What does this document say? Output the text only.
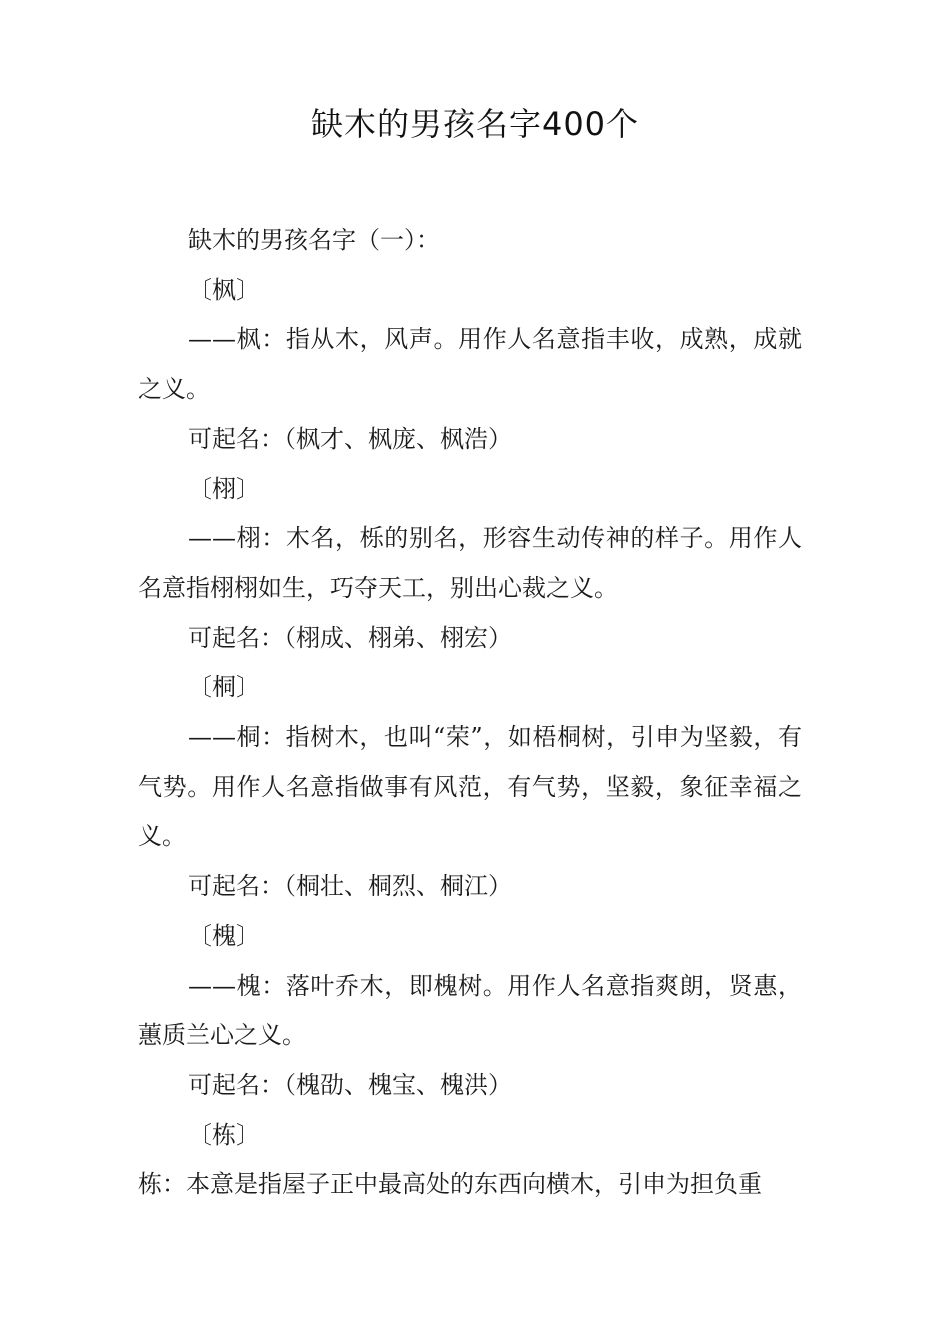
缺木的男孩名字400个

缺木的男孩名字（一）：

〔枫〕

——枫：指从木，风声。用作人名意指丰收，成熟，成就之义。

可起名：（枫才、枫庞、枫浩）

〔栩〕

——栩：木名，栎的别名，形容生动传神的样子。用作人名意指栩栩如生，巧夺天工，别出心裁之义。

可起名：（栩成、栩弟、栩宏）

〔桐〕

——桐：指树木，也叫“荣”，如梧桐树，引申为坚毅，有气势。用作人名意指做事有风范，有气势，坚毅，象征幸福之义。

可起名：（桐壮、桐烈、桐江）

〔槐〕

——槐：落叶乔木，即槐树。用作人名意指爽朗，贤惠，蕙质兰心之义。

可起名：（槐劭、槐宝、槐洪）

〔栋〕

栋：本意是指屋子正中最高处的东西向横木，引申为担负重
